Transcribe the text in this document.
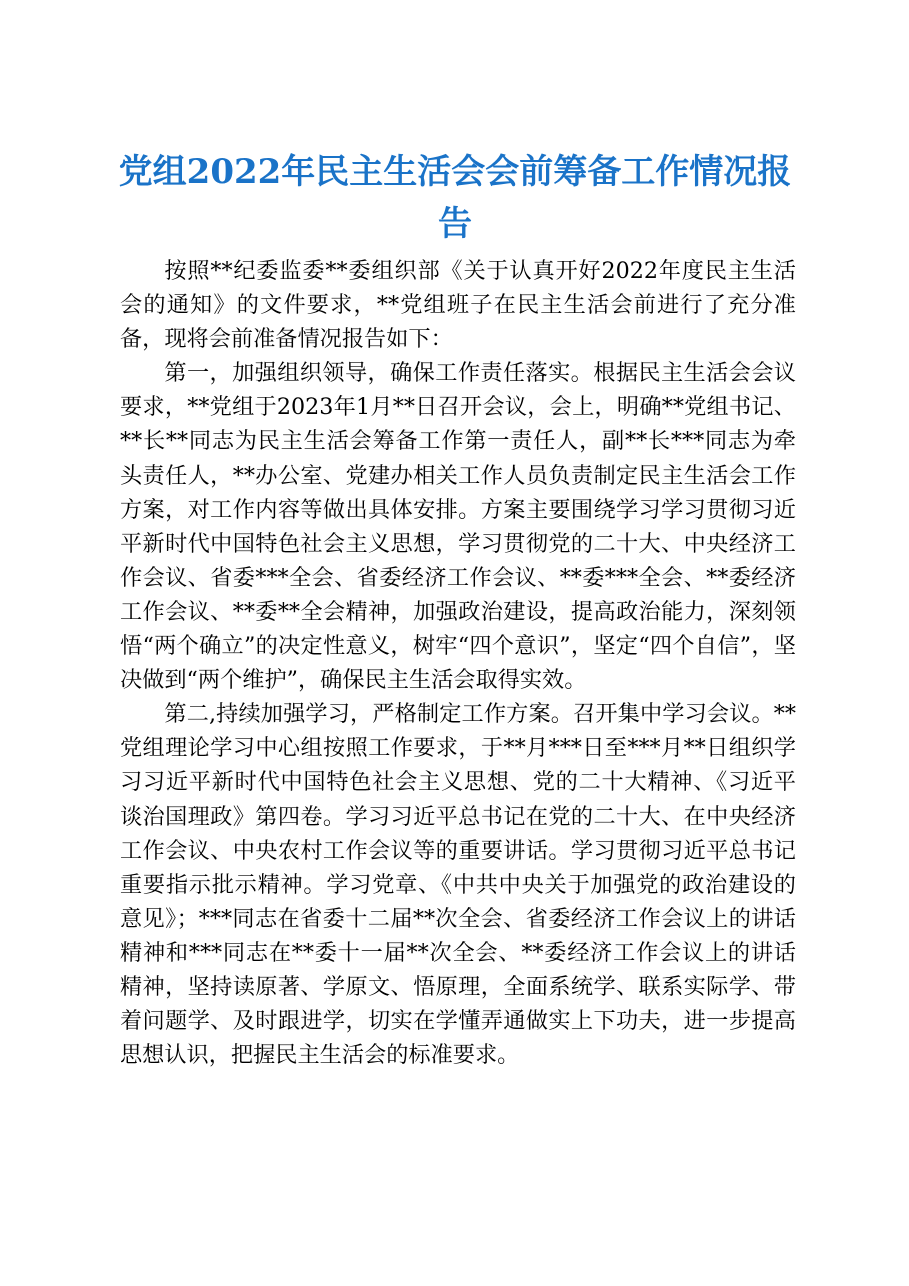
党组2022年民主生活会会前筹备工作情况报告

按照**纪委监委**委组织部《关于认真开好2022年度民主生活会的通知》的文件要求，**党组班子在民主生活会前进行了充分准备，现将会前准备情况报告如下：

第一，加强组织领导，确保工作责任落实。根据民主生活会会议要求，**党组于2023年1月**日召开会议，会上，明确**党组书记、**长**同志为民主生活会筹备工作第一责任人，副**长***同志为牵头责任人，**办公室、党建办相关工作人员负责制定民主生活会工作方案，对工作内容等做出具体安排。方案主要围绕学习学习贯彻习近平新时代中国特色社会主义思想，学习贯彻党的二十大、中央经济工作会议、省委***全会、省委经济工作会议、**委***全会、**委经济工作会议、**委**全会精神，加强政治建设，提高政治能力，深刻领悟“两个确立”的决定性意义，树牢“四个意识”，坚定“四个自信”，坚决做到“两个维护”，确保民主生活会取得实效。

第二,持续加强学习，严格制定工作方案。召开集中学习会议。**党组理论学习中心组按照工作要求，于**月***日至***月**日组织学习习近平新时代中国特色社会主义思想、党的二十大精神、《习近平谈治国理政》第四卷。学习习近平总书记在党的二十大、在中央经济工作会议、中央农村工作会议等的重要讲话。学习贯彻习近平总书记重要指示批示精神。学习党章、《中共中央关于加强党的政治建设的意见》；***同志在省委十二届**次全会、省委经济工作会议上的讲话精神和***同志在**委十一届**次全会、**委经济工作会议上的讲话精神，坚持读原著、学原文、悟原理，全面系统学、联系实际学、带着问题学、及时跟进学，切实在学懂弄通做实上下功夫，进一步提高思想认识，把握民主生活会的标准要求。
